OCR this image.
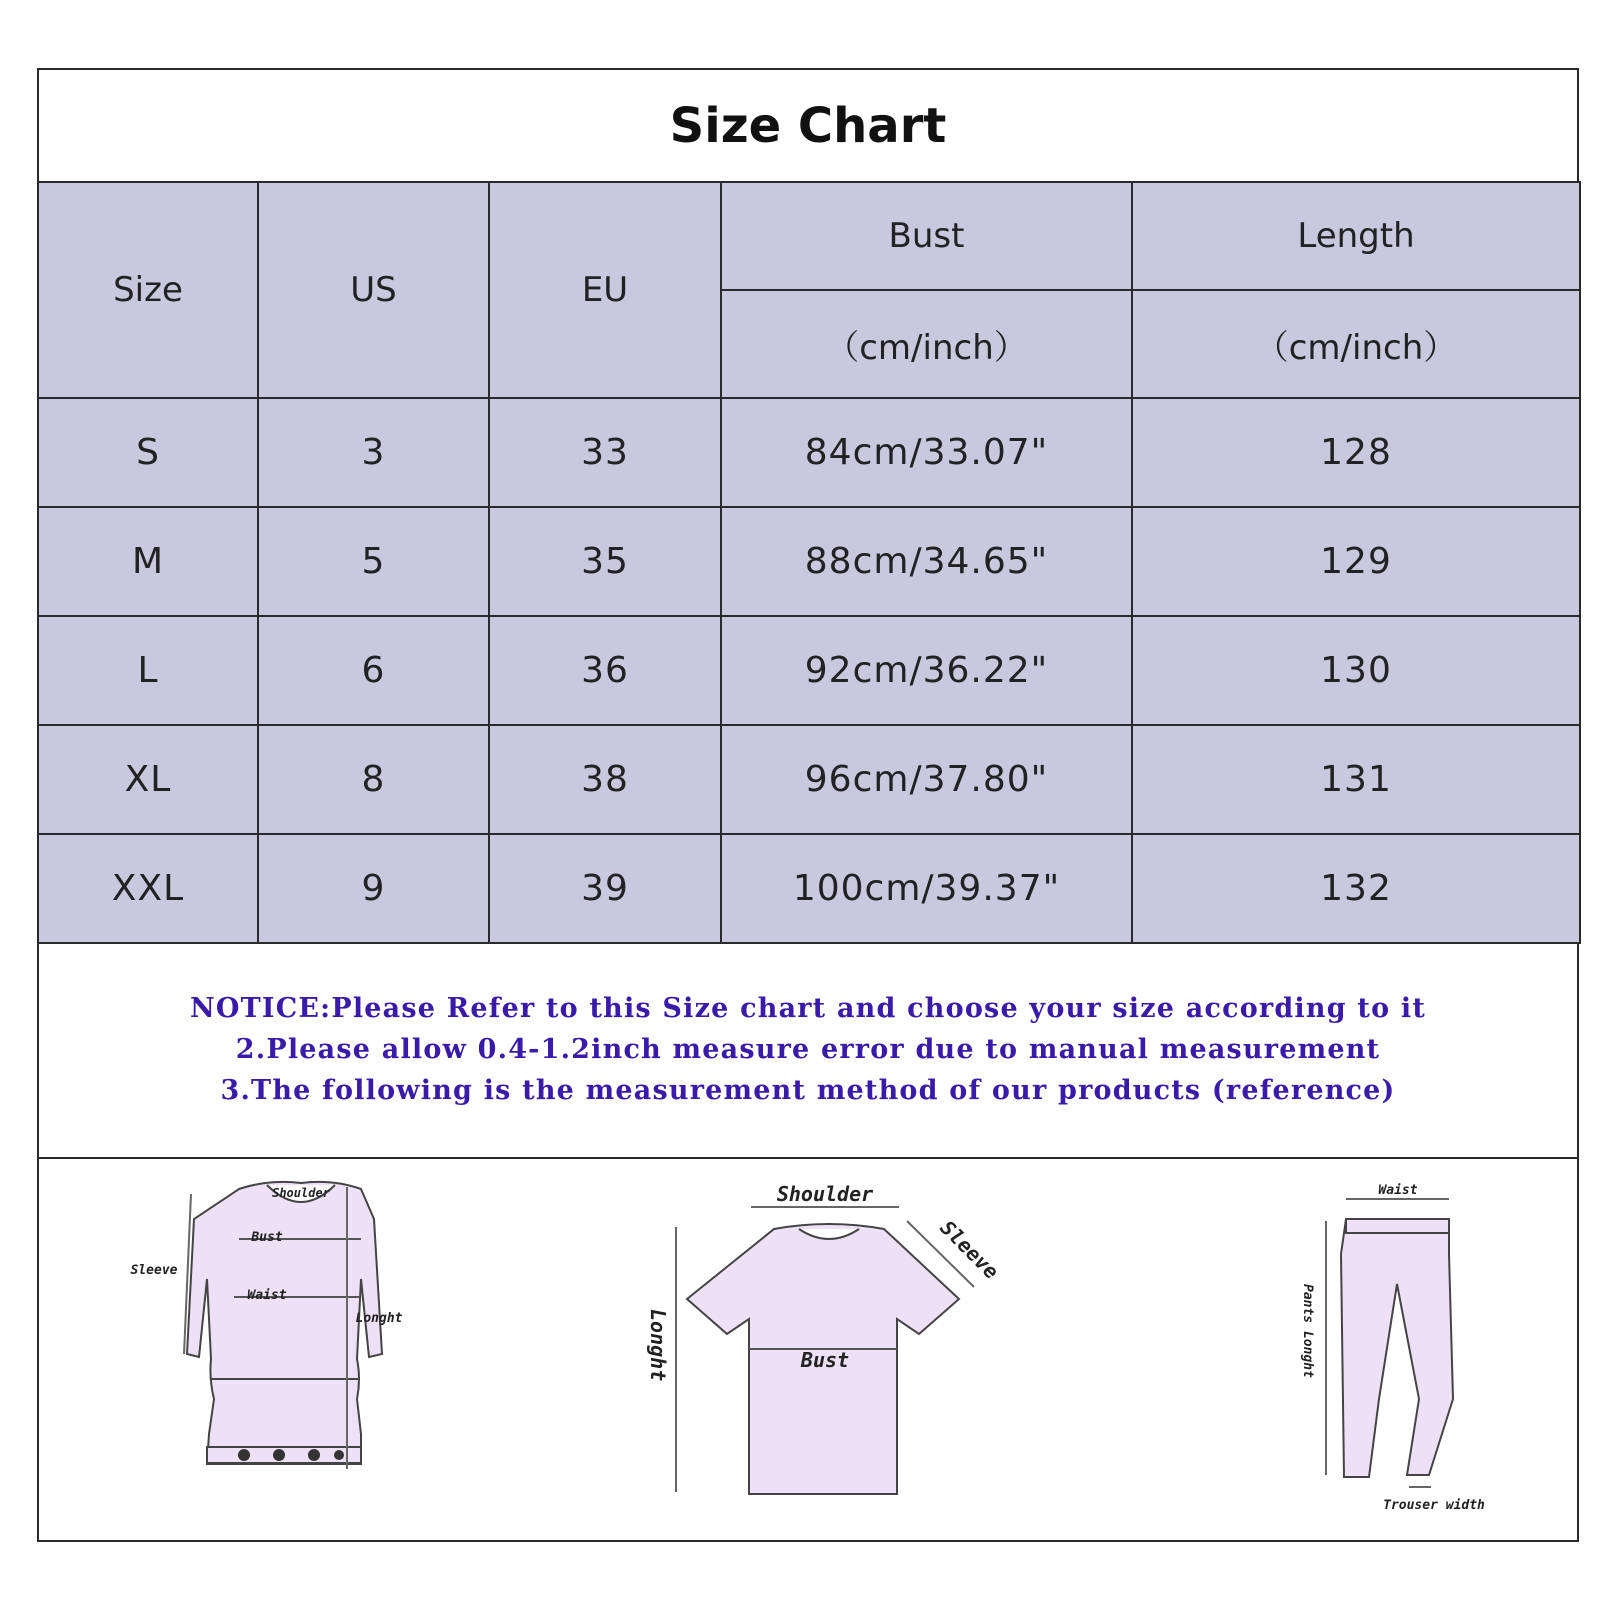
Size Chart
Size	US	EU	Bust	Length
			（cm/inch）	（cm/inch）
S	3	33	84cm/33.07"	128
M	5	35	88cm/34.65"	129
L	6	36	92cm/36.22"	130
XL	8	38	96cm/37.80"	131
XXL	9	39	100cm/39.37"	132
NOTICE:Please Refer to this Size chart and choose your size according to it
2.Please allow 0.4-1.2inch measure error due to manual measurement
3.The following is the measurement method of our products (reference)
Shoulder
Bust
Sleeve
Waist
Longht
Shoulder
Sleeve
Longht	Bust
Waist
Pants Longht
Trouser width
